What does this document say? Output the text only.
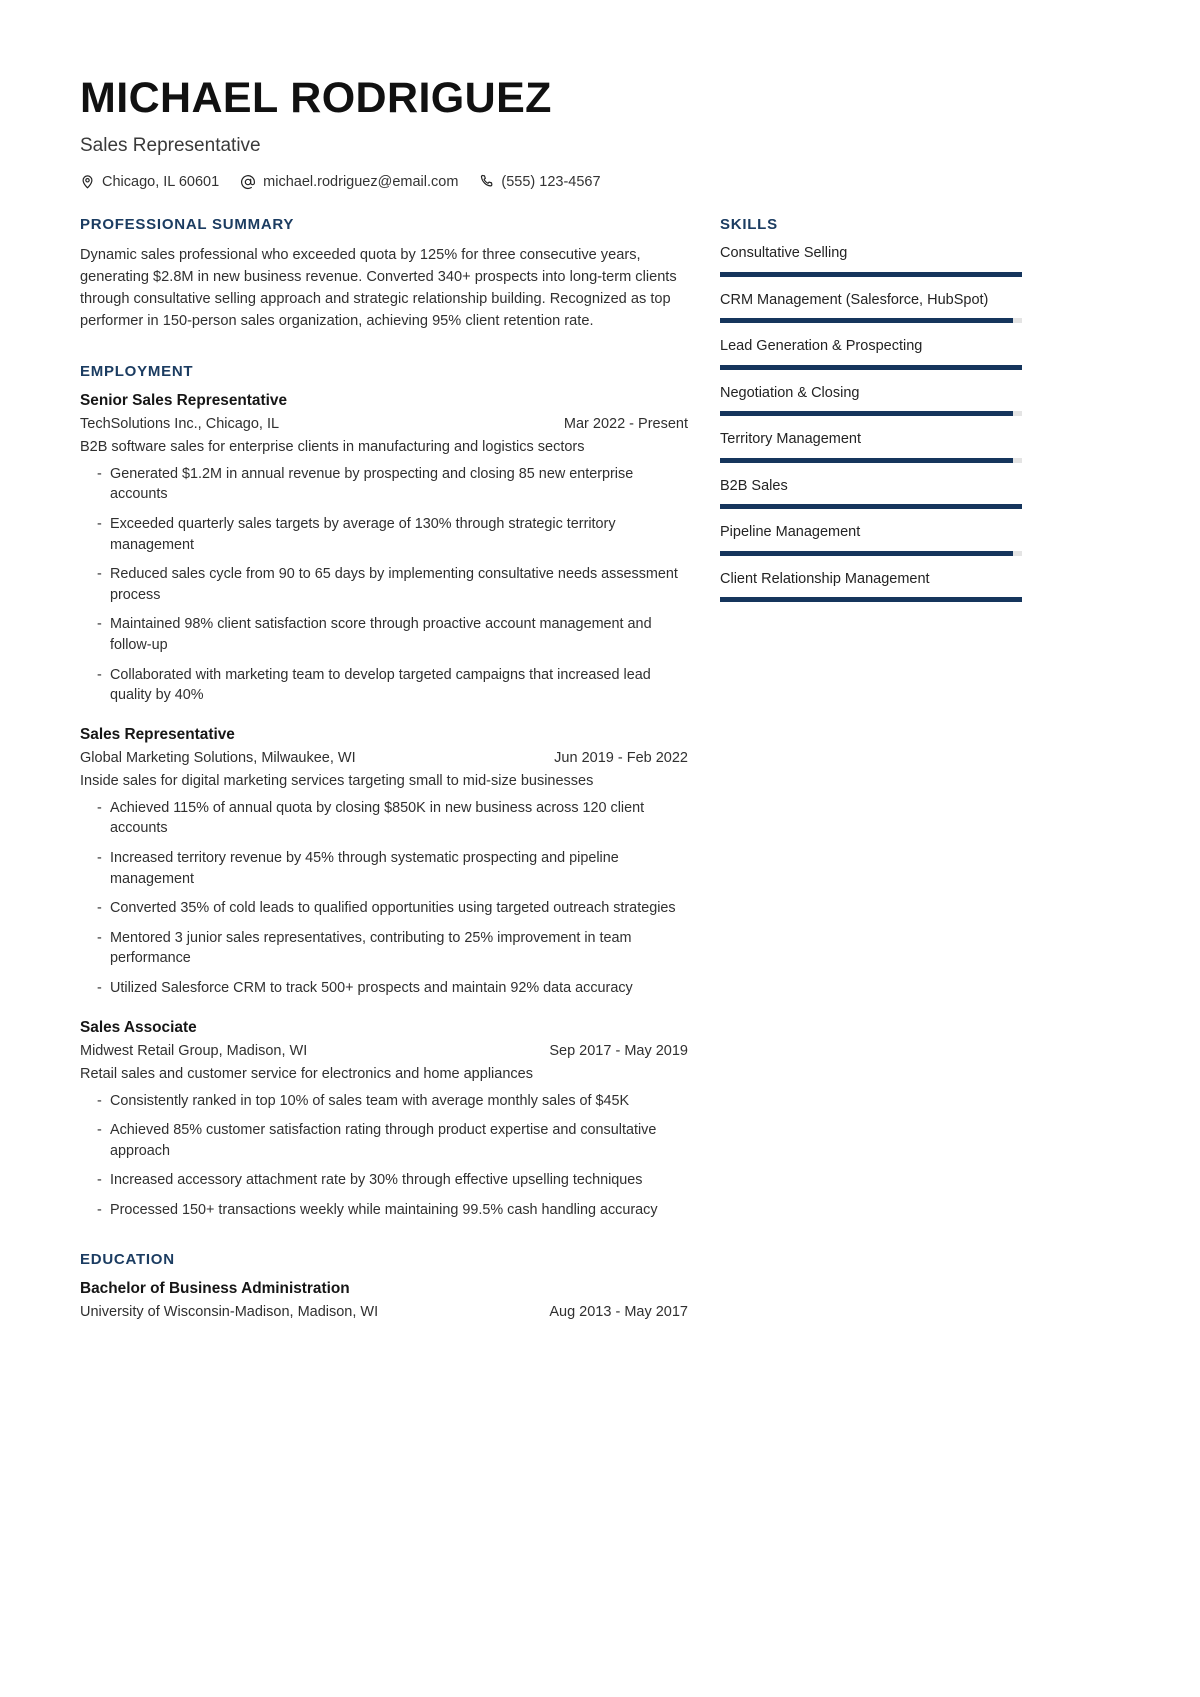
MICHAEL RODRIGUEZ
Sales Representative
Chicago, IL 60601	michael.rodriguez@email.com	(555) 123-4567
PROFESSIONAL SUMMARY
Dynamic sales professional who exceeded quota by 125% for three consecutive years, generating $2.8M in new business revenue. Converted 340+ prospects into long-term clients through consultative selling approach and strategic relationship building. Recognized as top performer in 150-person sales organization, achieving 95% client retention rate.
EMPLOYMENT
Senior Sales Representative
TechSolutions Inc., Chicago, IL	Mar 2022 - Present
B2B software sales for enterprise clients in manufacturing and logistics sectors
- Generated $1.2M in annual revenue by prospecting and closing 85 new enterprise accounts
- Exceeded quarterly sales targets by average of 130% through strategic territory management
- Reduced sales cycle from 90 to 65 days by implementing consultative needs assessment process
- Maintained 98% client satisfaction score through proactive account management and follow-up
- Collaborated with marketing team to develop targeted campaigns that increased lead quality by 40%
Sales Representative
Global Marketing Solutions, Milwaukee, WI	Jun 2019 - Feb 2022
Inside sales for digital marketing services targeting small to mid-size businesses
- Achieved 115% of annual quota by closing $850K in new business across 120 client accounts
- Increased territory revenue by 45% through systematic prospecting and pipeline management
- Converted 35% of cold leads to qualified opportunities using targeted outreach strategies
- Mentored 3 junior sales representatives, contributing to 25% improvement in team performance
- Utilized Salesforce CRM to track 500+ prospects and maintain 92% data accuracy
Sales Associate
Midwest Retail Group, Madison, WI	Sep 2017 - May 2019
Retail sales and customer service for electronics and home appliances
- Consistently ranked in top 10% of sales team with average monthly sales of $45K
- Achieved 85% customer satisfaction rating through product expertise and consultative approach
- Increased accessory attachment rate by 30% through effective upselling techniques
- Processed 150+ transactions weekly while maintaining 99.5% cash handling accuracy
EDUCATION
Bachelor of Business Administration
University of Wisconsin-Madison, Madison, WI	Aug 2013 - May 2017
SKILLS
Consultative Selling
CRM Management (Salesforce, HubSpot)
Lead Generation & Prospecting
Negotiation & Closing
Territory Management
B2B Sales
Pipeline Management
Client Relationship Management
